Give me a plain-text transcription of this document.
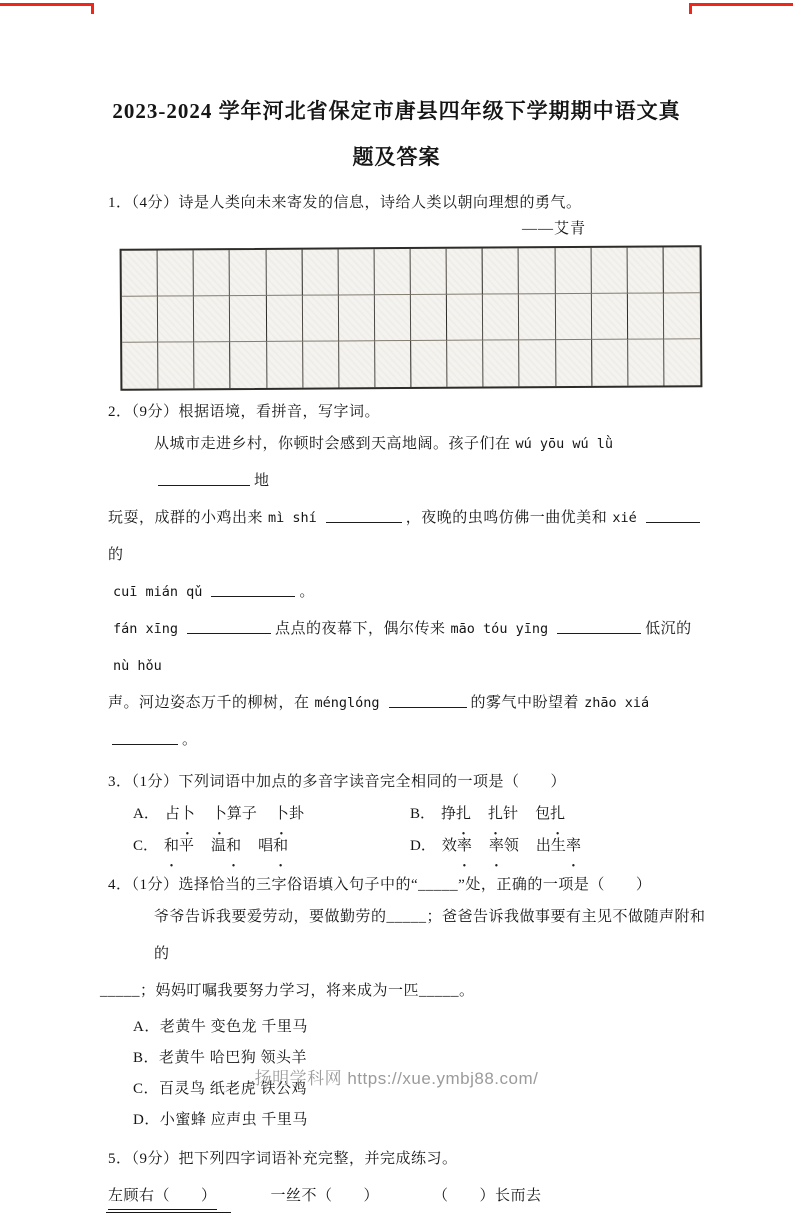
2023-2024 学年河北省保定市唐县四年级下学期期中语文真
题及答案
1．（4分）诗是人类向未来寄发的信息，诗给人类以朝向理想的勇气。
——艾青
2．（9分）根据语境，看拼音，写字词。
从城市走进乡村，你顿时会感到天高地阔。孩子们在 wú yōu wú lǜ地
玩耍，成群的小鸡出来 mì shí	，夜晚的虫鸣仿佛一曲优美和 xié的
cuī mián qǔ	。
fán xīng	点点的夜幕下，偶尔传来 māo tóu yīng	低沉的nù hǒu
声。河边姿态万千的柳树，在 ménglóng	的雾气中盼望着 zhāo xiá。
3．（1分）下列词语中加点的多音字读音完全相同的一项是（　　）
A． 占卜 卜算子 卜卦	B． 挣扎 扎针 包扎
C． 和平 温和 唱和	D． 效率 率领 出生率
4．（1分）选择恰当的三字俗语填入句子中的“_____”处，正确的一项是（　　）
爷爷告诉我要爱劳动，要做勤劳的_____；爸爸告诉我做事要有主见不做随声附和的
_____；妈妈叮嘱我要努力学习，将来成为一匹_____。
A．老黄牛 变色龙 千里马
B．老黄牛 哈巴狗 领头羊
C．百灵鸟 纸老虎 铁公鸡
D．小蜜蜂 应声虫 千里马
5．（9分）把下列四字词语补充完整，并完成练习。
左顾右（　　）	一丝不（　　）	（　　）长而去
扬明学科网 https://xue.ymbj88.com/
